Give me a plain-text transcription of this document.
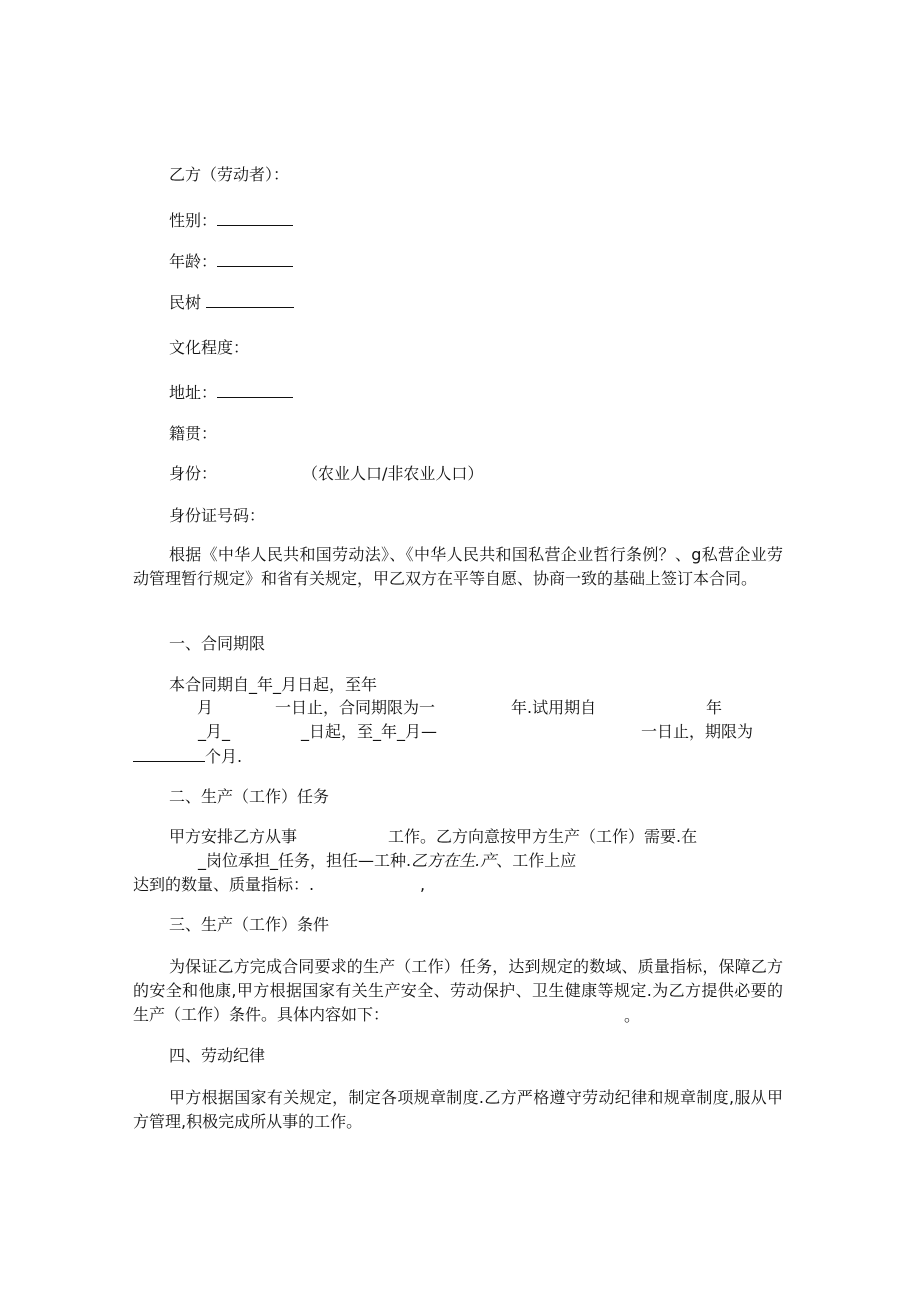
乙方（劳动者）：
性别：
年龄：
民树
文化程度：
地址：
籍贯：
身份：	（农业人口/非农业人口）
身份证号码：
根据《中华人民共和国劳动法》、《中华人民共和国私营企业哲行条例？、g私营企业劳动管理暂行规定》和省有关规定，甲乙双方在平等自愿、协商一致的基础上签订本合同。
一、合同期限
本合同期自_年_月日起，至年
月	一日止，合同期限为一	年.试用期自	年
_月_	_日起，至_年_月—	一日止，期限为
个月.
二、生产（工作）任务
甲方安排乙方从事	工作。乙方向意按甲方生产（工作）需要.在
_岗位承担_任务，担任—工种.乙方在生.产、工作上应
达到的数量、质量指标：.	,
三、生产（工作）条件
为保证乙方完成合同要求的生产（工作）任务，达到规定的数域、质量指标，保障乙方的安全和他康,甲方根据国家有关生产安全、劳动保护、卫生健康等规定.为乙方提供必要的生产（工作）条件。具体内容如下：	。
四、劳动纪律
甲方根据国家有关规定，制定各项规章制度.乙方严格遵守劳动纪律和规章制度,服从甲方管理,积极完成所从事的工作。
